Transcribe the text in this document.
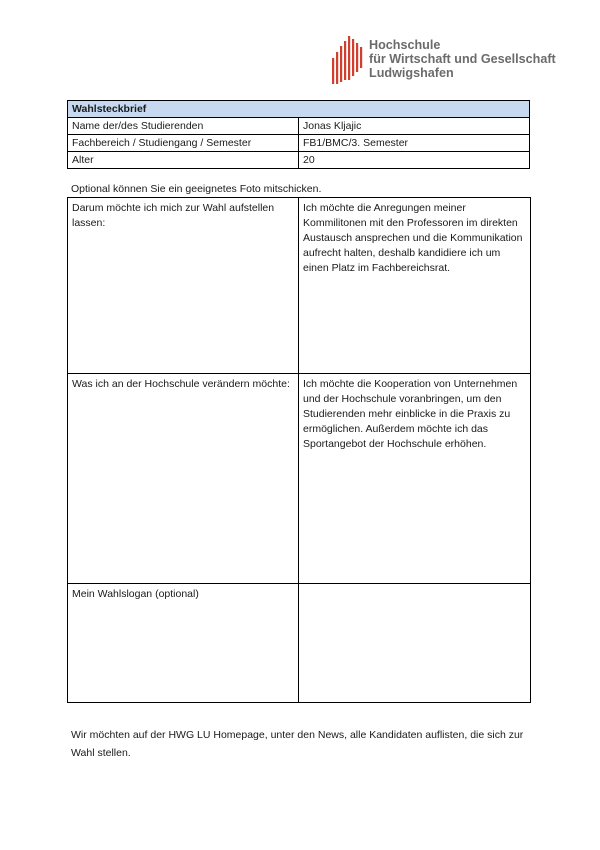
Hochschule
für Wirtschaft und Gesellschaft
Ludwigshafen
Wahlsteckbrief	
Name der/des Studierenden	Jonas Kljajic
Fachbereich / Studiengang / Semester	FB1/BMC/3. Semester
Alter	20
Optional können Sie ein geeignetes Foto mitschicken.
Darum möchte ich mich zur Wahl aufstellen lassen:	Ich möchte die Anregungen meiner Kommilitonen mit den Professoren im direkten Austausch ansprechen und die Kommunikation aufrecht halten, deshalb kandidiere ich um einen Platz im Fachbereichsrat.
Was ich an der Hochschule verändern möchte:	Ich möchte die Kooperation von Unternehmen und der Hochschule voranbringen, um den Studierenden mehr einblicke in die Praxis zu ermöglichen. Außerdem möchte ich das Sportangebot der Hochschule erhöhen.
Mein Wahlslogan (optional)	
Wir möchten auf der HWG LU Homepage, unter den News, alle Kandidaten auflisten, die sich zur Wahl stellen.
